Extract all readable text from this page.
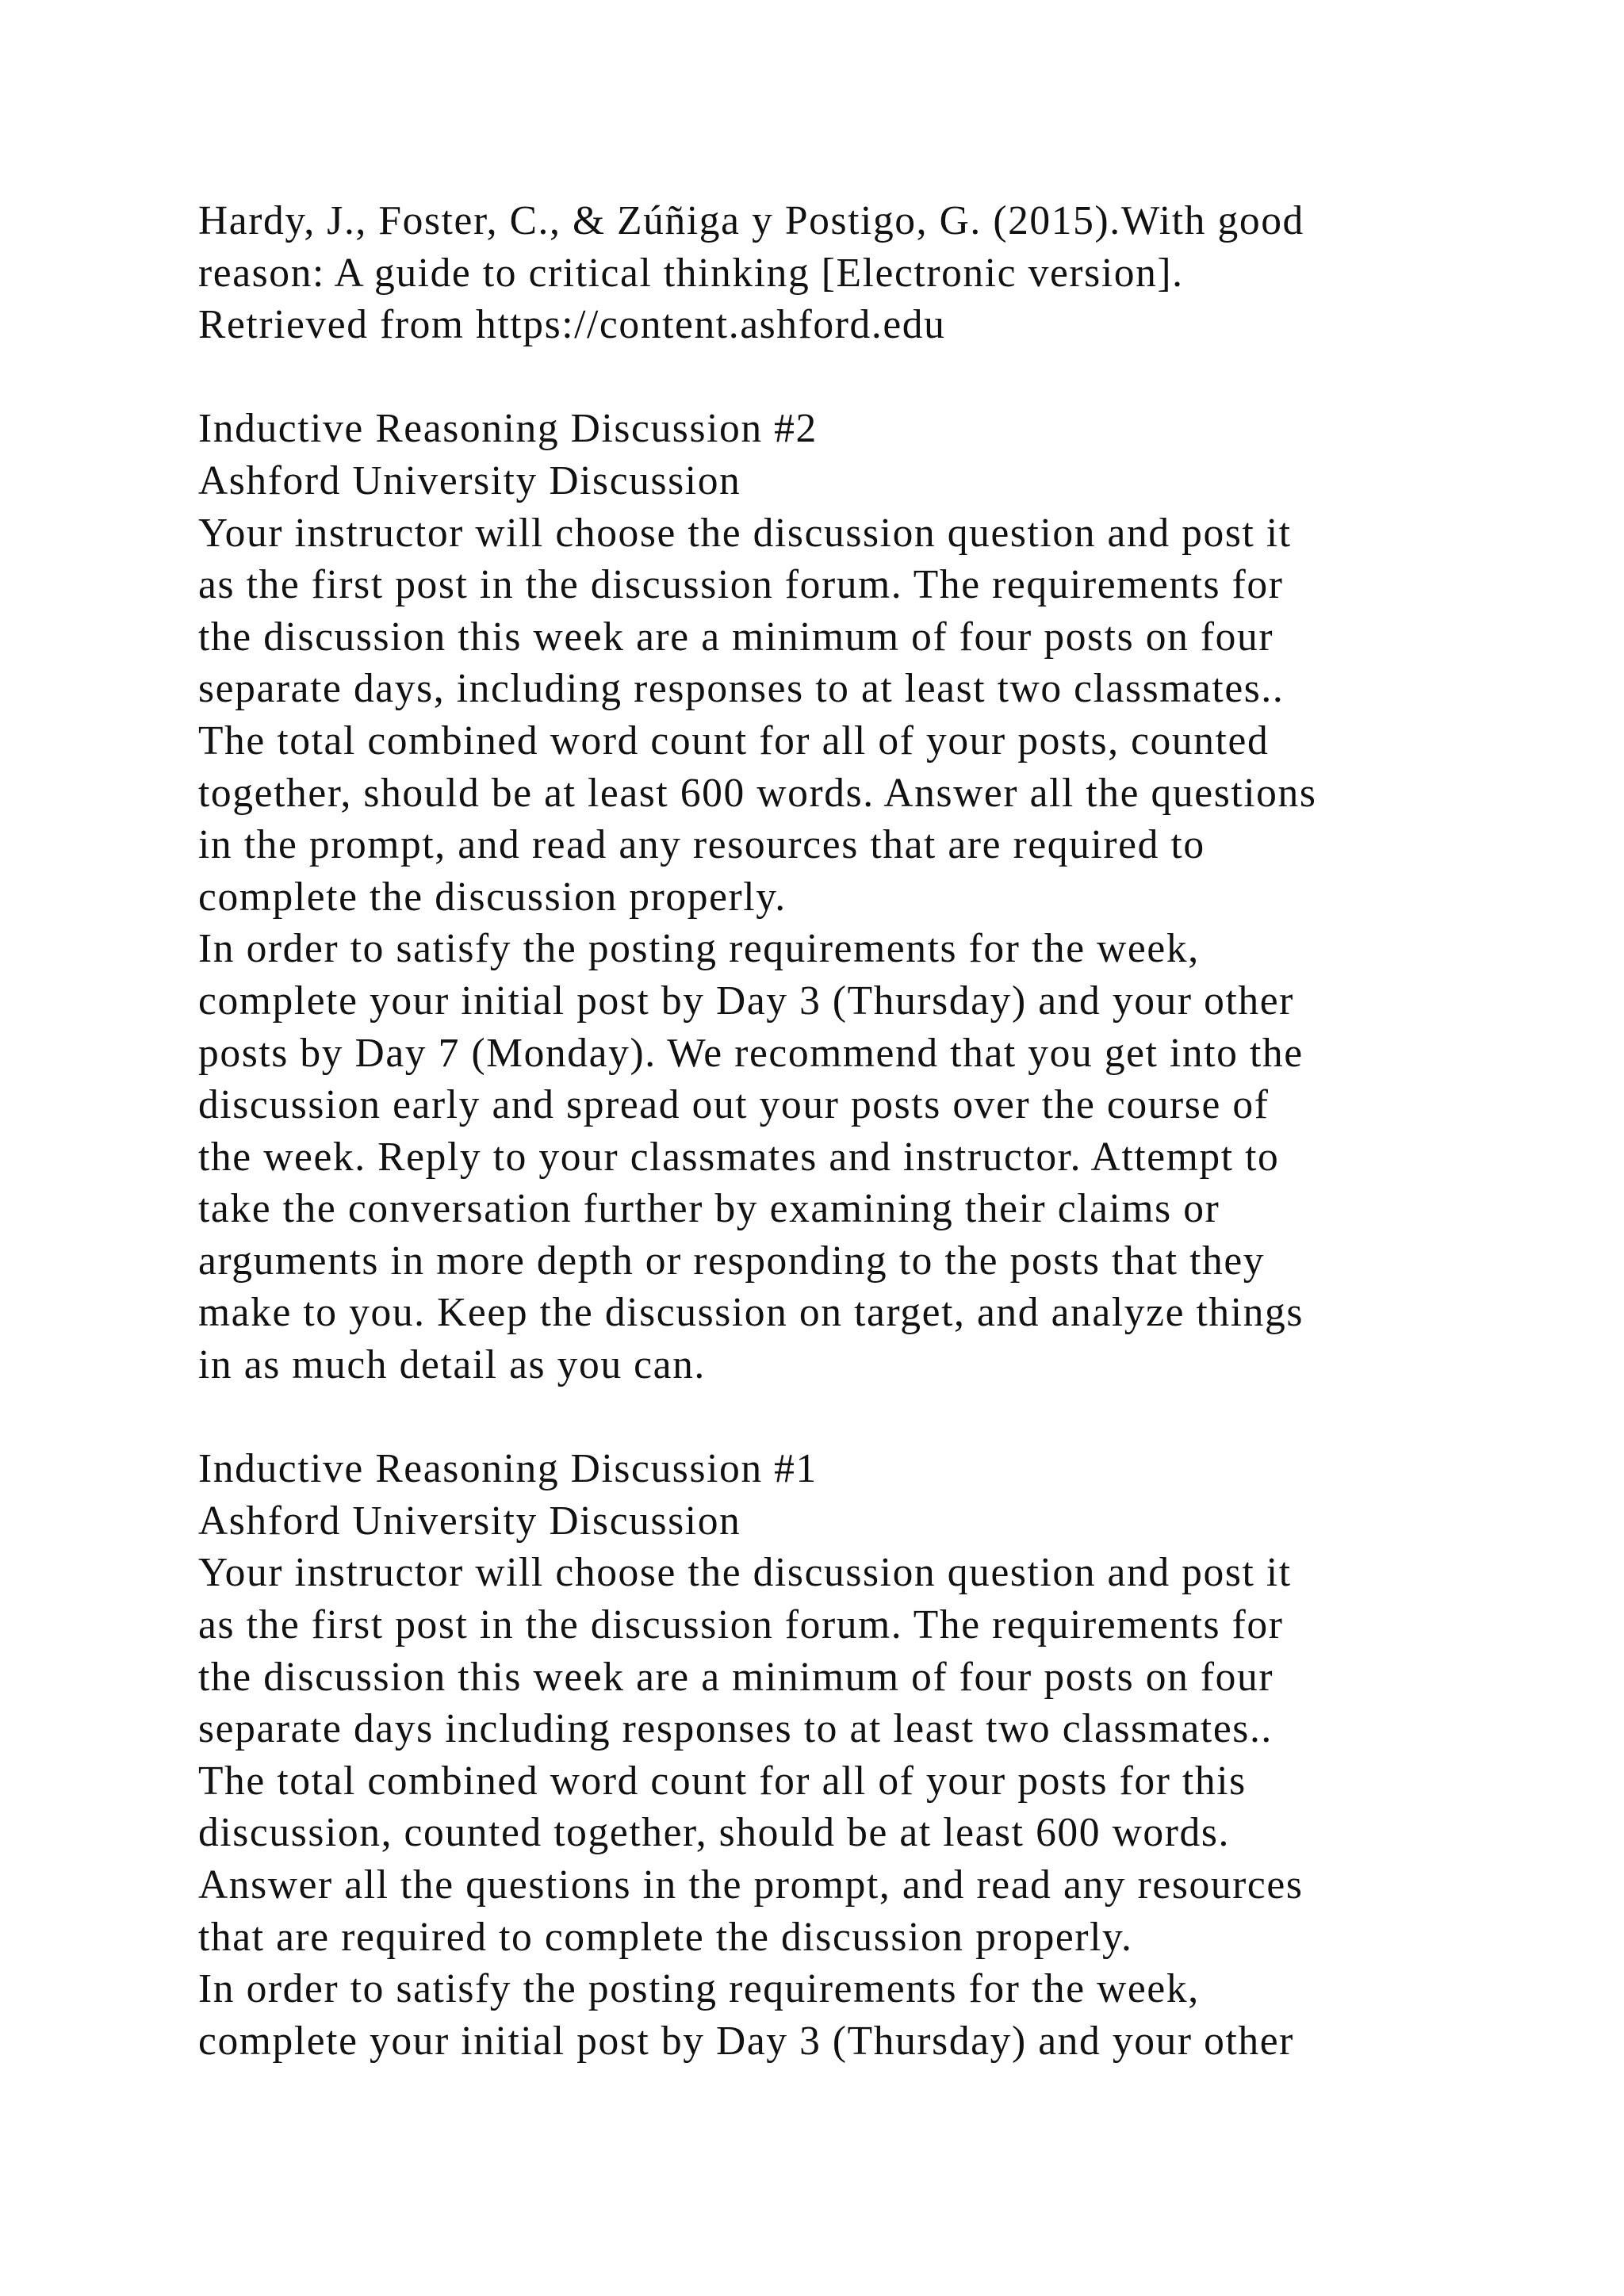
Hardy, J., Foster, C., & Zúñiga y Postigo, G. (2015).With good
reason: A guide to critical thinking [Electronic version].
Retrieved from https://content.ashford.edu
Inductive Reasoning Discussion #2
Ashford University Discussion
Your instructor will choose the discussion question and post it
as the first post in the discussion forum. The requirements for
the discussion this week are a minimum of four posts on four
separate days, including responses to at least two classmates..
The total combined word count for all of your posts, counted
together, should be at least 600 words. Answer all the questions
in the prompt, and read any resources that are required to
complete the discussion properly.
In order to satisfy the posting requirements for the week,
complete your initial post by Day 3 (Thursday) and your other
posts by Day 7 (Monday). We recommend that you get into the
discussion early and spread out your posts over the course of
the week. Reply to your classmates and instructor. Attempt to
take the conversation further by examining their claims or
arguments in more depth or responding to the posts that they
make to you. Keep the discussion on target, and analyze things
in as much detail as you can.
Inductive Reasoning Discussion #1
Ashford University Discussion
Your instructor will choose the discussion question and post it
as the first post in the discussion forum. The requirements for
the discussion this week are a minimum of four posts on four
separate days including responses to at least two classmates..
The total combined word count for all of your posts for this
discussion, counted together, should be at least 600 words.
Answer all the questions in the prompt, and read any resources
that are required to complete the discussion properly.
In order to satisfy the posting requirements for the week,
complete your initial post by Day 3 (Thursday) and your other
